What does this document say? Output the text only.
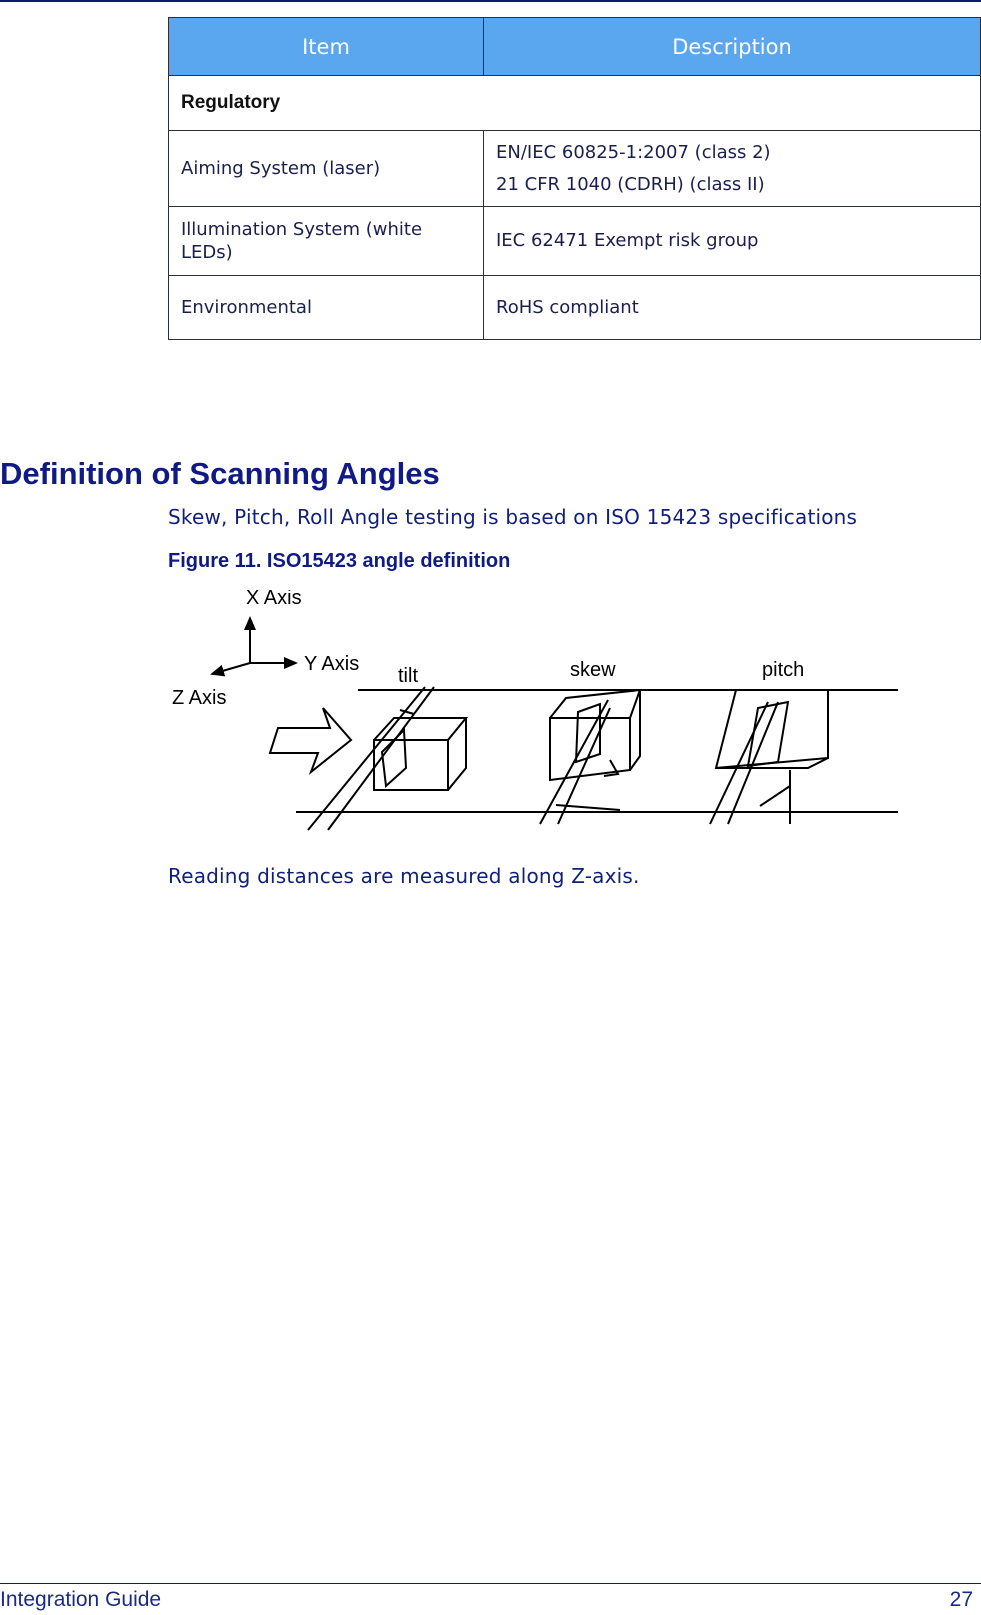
Item	Description
Regulatory	
Aiming System (laser)	EN/IEC 60825-1:2007 (class 2)
21 CFR 1040 (CDRH) (class II)

Illumination System (white LEDs)	IEC 62471 Exempt risk group

Environmental	RoHS compliant
Definition of Scanning Angles

Skew, Pitch, Roll Angle testing is based on ISO 15423 specifications

Figure 11. ISO15423 angle definition

X Axis
Y Axis
Z Axis
tilt	skew	pitch

Reading distances are measured along Z-axis.

Integration Guide	27
